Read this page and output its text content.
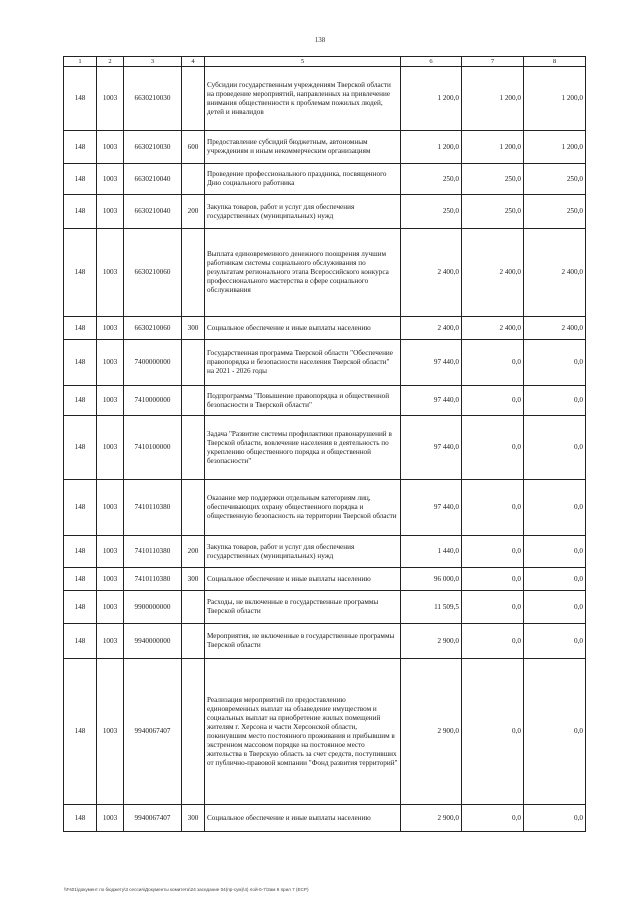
138
1	2	3	4	5	6	7	8
148	1003	6630210030		Субсидии государственным учреждениям Тверской области на проведение мероприятий, направленных на привлечение внимания общественности к проблемам пожилых людей, детей и инвалидов	1 200,0	1 200,0	1 200,0
148	1003	6630210030	600	Предоставление субсидий бюджетным, автономным учреждениям и иным некоммерческим организациям	1 200,0	1 200,0	1 200,0
148	1003	6630210040		Проведение профессионального праздника, посвященного Дню социального работника	250,0	250,0	250,0
148	1003	6630210040	200	Закупка товаров, работ и услуг для обеспечения государственных (муниципальных) нужд	250,0	250,0	250,0
148	1003	6630210060		Выплата единовременного денежного поощрения лучшим работникам системы социального обслуживания по результатам регионального этапа Всероссийского конкурса профессионального мастерства в сфере социального обслуживания	2 400,0	2 400,0	2 400,0
148	1003	6630210060	300	Социальное обеспечение и иные выплаты населению	2 400,0	2 400,0	2 400,0
148	1003	7400000000		Государственная программа Тверской области "Обеспечение правопорядка и безопасности населения Тверской области" на 2021 - 2026 годы	97 440,0	0,0	0,0
148	1003	7410000000		Подпрограмма "Повышение правопорядка и общественной безопасности в Тверской области"	97 440,0	0,0	0,0
148	1003	7410100000		Задача "Развитие системы профилактики правонарушений в Тверской области, вовлечение населения в деятельность по укреплению общественного порядка и общественной безопасности"	97 440,0	0,0	0,0
148	1003	7410110380		Оказание мер поддержки отдельным категориям лиц, обеспечивающих охрану общественного порядка и общественную безопасность на территории Тверской области	97 440,0	0,0	0,0
148	1003	7410110380	200	Закупка товаров, работ и услуг для обеспечения государственных (муниципальных) нужд	1 440,0	0,0	0,0
148	1003	7410110380	300	Социальное обеспечение и иные выплаты населению	96 000,0	0,0	0,0
148	1003	9900000000		Расходы, не включенные в государственные программы Тверской области	11 509,5	0,0	0,0
148	1003	9940000000		Мероприятия, не включенные в государственные программы Тверской области	2 900,0	0,0	0,0
148	1003	9940067407		Реализация мероприятий по предоставлению единовременных выплат на обзаведение имуществом и социальных выплат на приобретение жилых помещений жителям г. Херсона и части Херсонской области, покинувшим место постоянного проживания и прибывшим в экстренном массовом порядке на постоянное место жительства в Тверскую область за счет средств, поступивших от публично-правовой компании "Фонд развития территорий"	2 900,0	0,0	0,0
148	1003	9940067407	300	Социальное обеспечение и иные выплаты населению	2 900,0	0,0	0,0
\\Fs01\документ по бюджету\3 сессия\Документы комитета\24 заседание 04(пр-сум)\4) лой-0-7\Зам 6 прил 7 (ЕСР)
